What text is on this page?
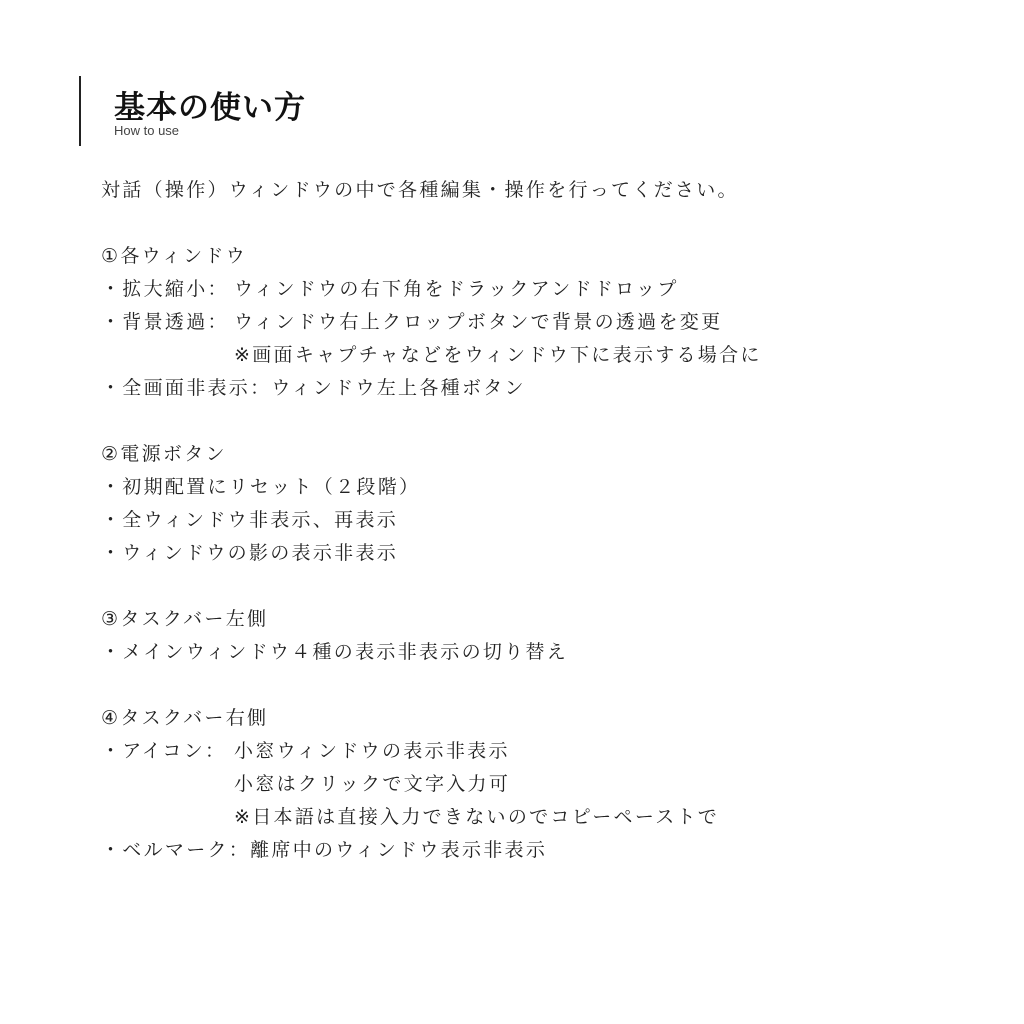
基本の使い方
How to use
対話（操作）ウィンドウの中で各種編集・操作を行ってください。
①各ウィンドウ
・拡大縮小： ウィンドウの右下角をドラックアンドドロップ
・背景透過： ウィンドウ右上クロップボタンで背景の透過を変更
※画面キャプチャなどをウィンドウ下に表示する場合に
・全画面非表示：ウィンドウ左上各種ボタン
②電源ボタン
・初期配置にリセット（２段階）
・全ウィンドウ非表示、再表示
・ウィンドウの影の表示非表示
③タスクバー左側
・メインウィンドウ４種の表示非表示の切り替え
④タスクバー右側
・アイコン： 小窓ウィンドウの表示非表示
小窓はクリックで文字入力可
※日本語は直接入力できないのでコピーペーストで
・ベルマーク：離席中のウィンドウ表示非表示
